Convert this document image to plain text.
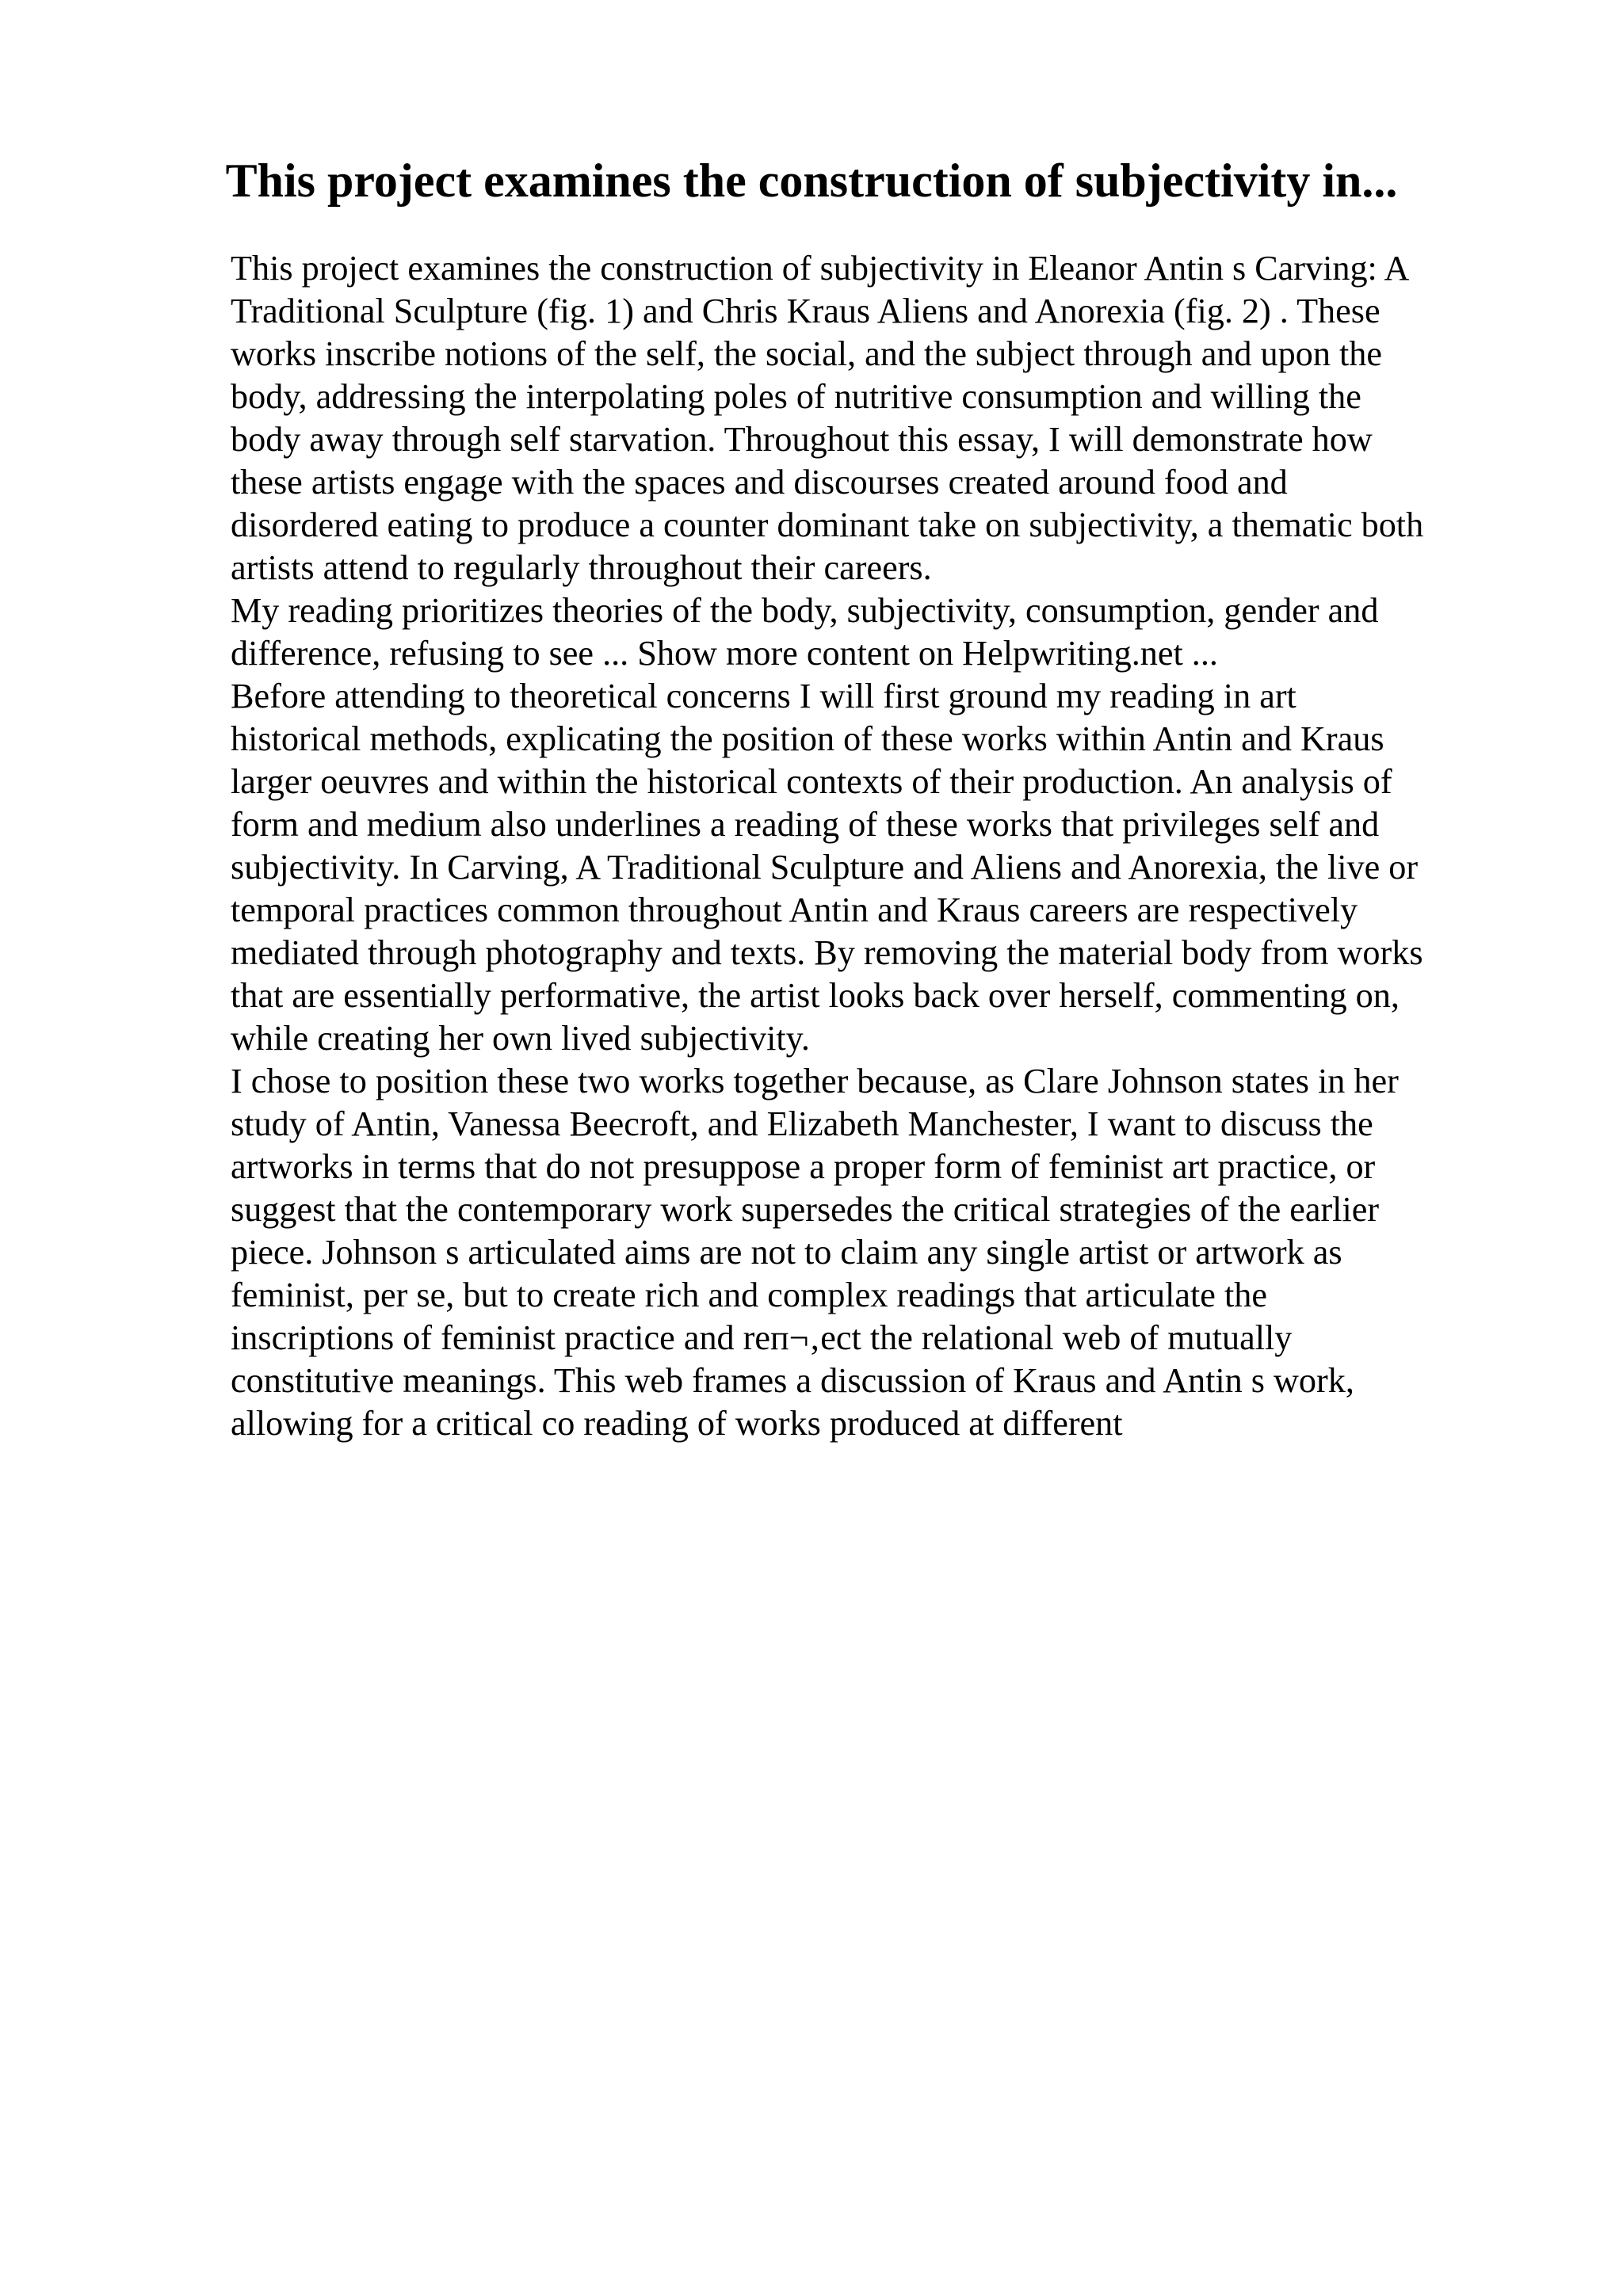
This project examines the construction of subjectivity in...
This project examines the construction of subjectivity in Eleanor Antin s Carving: A
Traditional Sculpture (fig. 1) and Chris Kraus Aliens and Anorexia (fig. 2) . These
works inscribe notions of the self, the social, and the subject through and upon the
body, addressing the interpolating poles of nutritive consumption and willing the
body away through self starvation. Throughout this essay, I will demonstrate how
these artists engage with the spaces and discourses created around food and
disordered eating to produce a counter dominant take on subjectivity, a thematic both
artists attend to regularly throughout their careers.
My reading prioritizes theories of the body, subjectivity, consumption, gender and
difference, refusing to see ... Show more content on Helpwriting.net ...
Before attending to theoretical concerns I will first ground my reading in art
historical methods, explicating the position of these works within Antin and Kraus
larger oeuvres and within the historical contexts of their production. An analysis of
form and medium also underlines a reading of these works that privileges self and
subjectivity. In Carving, A Traditional Sculpture and Aliens and Anorexia, the live or
temporal practices common throughout Antin and Kraus careers are respectively
mediated through photography and texts. By removing the material body from works
that are essentially performative, the artist looks back over herself, commenting on,
while creating her own lived subjectivity.
I chose to position these two works together because, as Clare Johnson states in her
study of Antin, Vanessa Beecroft, and Elizabeth Manchester, I want to discuss the
artworks in terms that do not presuppose a proper form of feminist art practice, or
suggest that the contemporary work supersedes the critical strategies of the earlier
piece. Johnson s articulated aims are not to claim any single artist or artwork as
feminist, per se, but to create rich and complex readings that articulate the
inscriptions of feminist practice and reп¬‚ect the relational web of mutually
constitutive meanings. This web frames a discussion of Kraus and Antin s work,
allowing for a critical co reading of works produced at different
